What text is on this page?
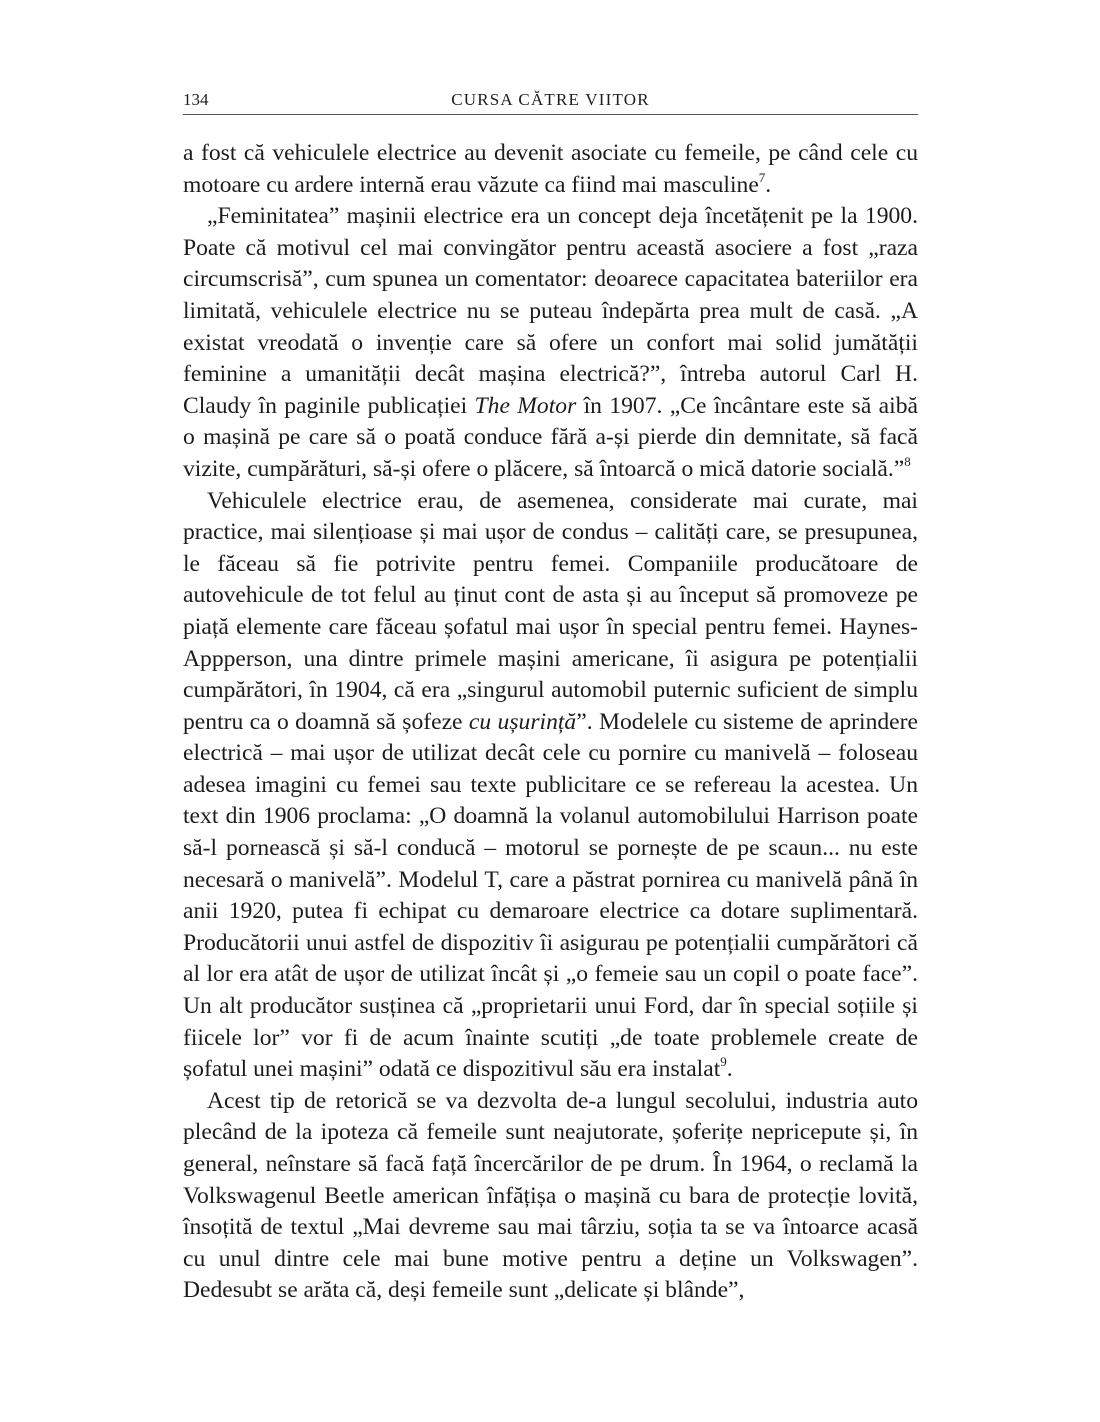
134	CURSA CĂTRE VIITOR

a fost că vehiculele electrice au devenit asociate cu femeile, pe când cele cu motoare cu ardere internă erau văzute ca fiind mai masculine$^7$.

„Feminitatea” mașinii electrice era un concept deja încetățenit pe la 1900. Poate că motivul cel mai convingător pentru această asociere a fost „raza circumscrisă”, cum spunea un comentator: deoarece capacitatea bateriilor era limitată, vehiculele electrice nu se puteau îndepărta prea mult de casă. „A existat vreodată o invenție care să ofere un confort mai solid jumătății feminine a umanității decât mașina electrică?”, întreba autorul Carl H. Claudy în paginile publicației The Motor în 1907. „Ce încântare este să aibă o mașină pe care să o poată conduce fără a-și pierde din demnitate, să facă vizite, cumpărături, să-și ofere o plăcere, să întoarcă o mică datorie socială.”$^8$

Vehiculele electrice erau, de asemenea, considerate mai curate, mai practice, mai silențioase și mai ușor de condus – calități care, se presupunea, le făceau să fie potrivite pentru femei. Companiile producătoare de autovehicule de tot felul au ținut cont de asta și au început să promoveze pe piață elemente care făceau șofatul mai ușor în special pentru femei. Haynes-Appperson, una dintre primele mașini americane, îi asigura pe potențialii cumpărători, în 1904, că era „singurul automobil puternic suficient de simplu pentru ca o doamnă să șofeze cu ușurință”. Modelele cu sisteme de aprindere electrică – mai ușor de utilizat decât cele cu pornire cu manivelă – foloseau adesea imagini cu femei sau texte publicitare ce se refereau la acestea. Un text din 1906 proclama: „O doamnă la volanul automobilului Harrison poate să-l pornească și să-l conducă – motorul se pornește de pe scaun... nu este necesară o manivelă”. Modelul T, care a păstrat pornirea cu manivelă până în anii 1920, putea fi echipat cu demaroare electrice ca dotare suplimentară. Producătorii unui astfel de dispozitiv îi asigurau pe potențialii cumpărători că al lor era atât de ușor de utilizat încât și „o femeie sau un copil o poate face”. Un alt producător susținea că „proprietarii unui Ford, dar în special soțiile și fiicele lor” vor fi de acum înainte scutiți „de toate problemele create de șofatul unei mașini” odată ce dispozitivul său era instalat$^9$.

Acest tip de retorică se va dezvolta de-a lungul secolului, industria auto plecând de la ipoteza că femeile sunt neajutorate, șoferițe nepricepute și, în general, neînstare să facă față încercărilor de pe drum. În 1964, o reclamă la Volkswagenul Beetle american înfățișa o mașină cu bara de protecție lovită, însoțită de textul „Mai devreme sau mai târziu, soția ta se va întoarce acasă cu unul dintre cele mai bune motive pentru a deține un Volkswagen”. Dedesubt se arăta că, deși femeile sunt „delicate și blânde”,
